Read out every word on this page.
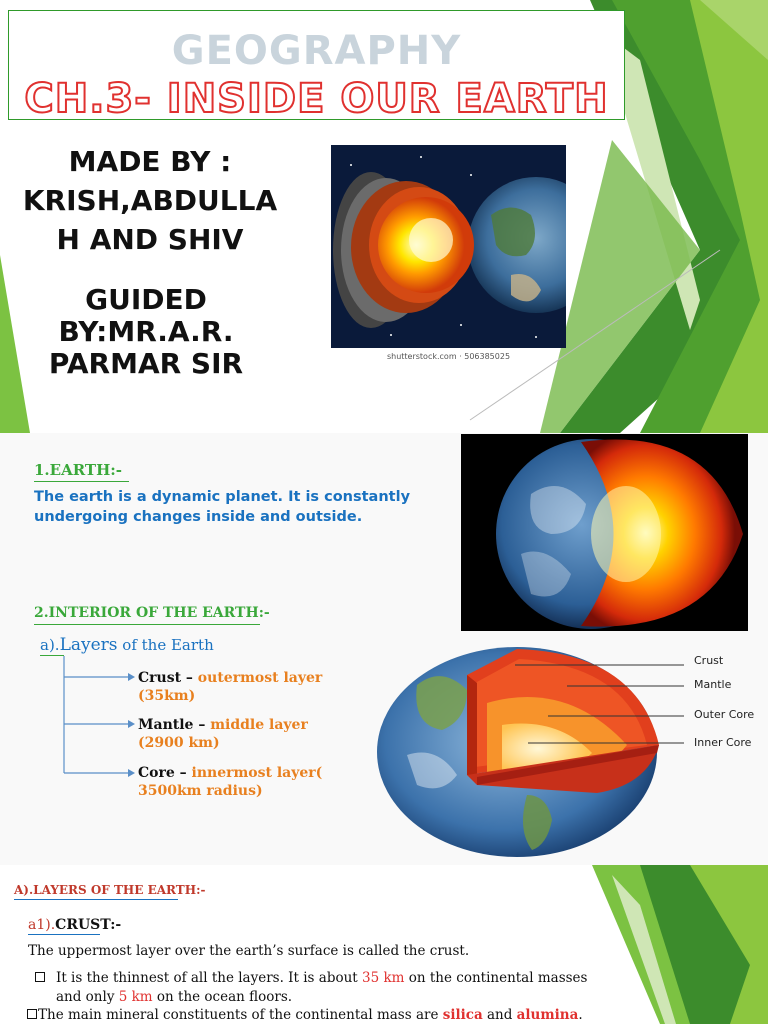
GEOGRAPHY
CH.3- INSIDE OUR EARTH
MADE BY :
KRISH,ABDULLA
H AND SHIV
GUIDED
BY:MR.A.R.
PARMAR SIR	shutterstock.com · 506385025
1.EARTH:-
The earth is a dynamic planet. It is constantly
undergoing changes inside and outside.
2.INTERIOR OF THE EARTH:-
a).Layers of the Earth
Crust – outermost layer
(35km)
Mantle – middle layer
(2900 km)
Core – innermost layer(
3500km radius)
Crust
Mantle
Outer Core
Inner Core
A).LAYERS OF THE EARTH:-
a1).CRUST:-
The uppermost layer over the earth’s surface is called the crust.
It is the thinnest of all the layers. It is about 35 km on the continental masses
and only 5 km on the ocean floors.
The main mineral constituents of the continental mass are silica and alumina.
